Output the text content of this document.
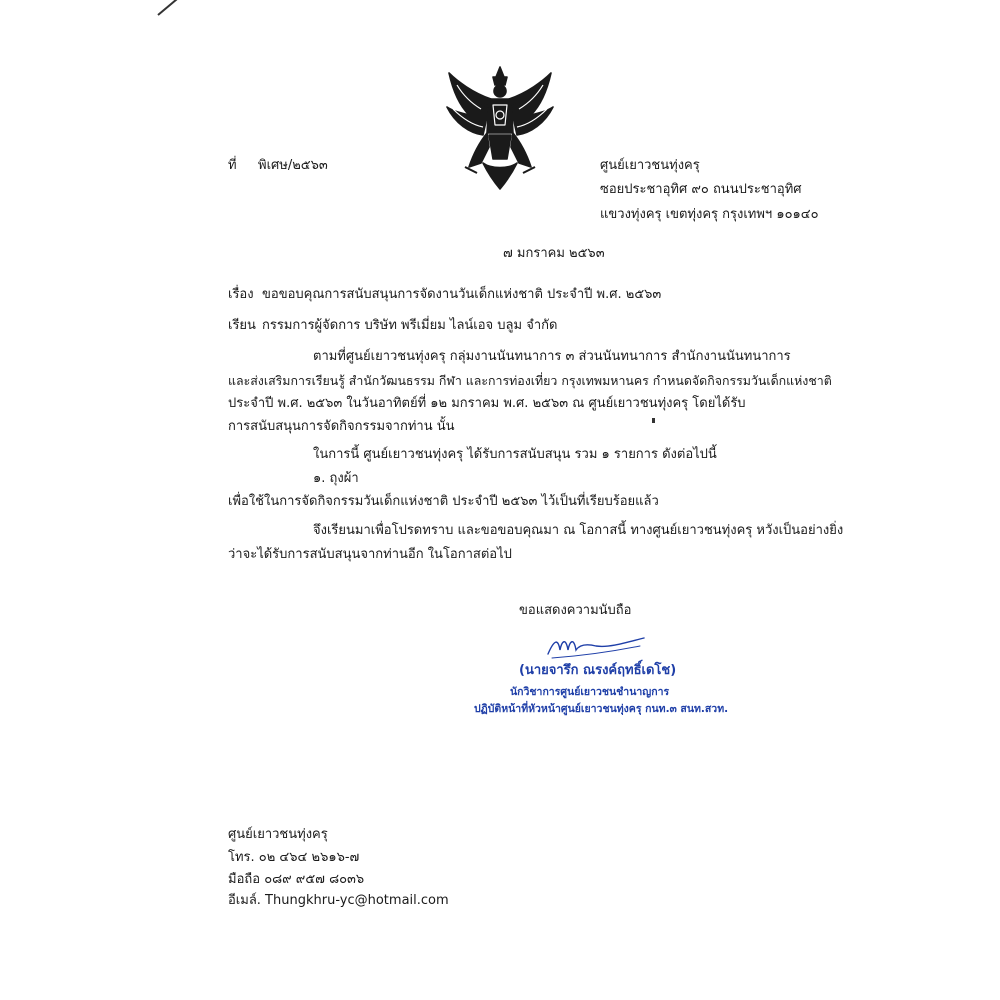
ที่ พิเศษ/๒๕๖๓	ศูนย์เยาวชนทุ่งครุ
ซอยประชาอุทิศ ๙๐ ถนนประชาอุทิศ
แขวงทุ่งครุ เขตทุ่งครุ กรุงเทพฯ ๑๐๑๔๐
๗ มกราคม ๒๕๖๓
เรื่อง ขอขอบคุณการสนับสนุนการจัดงานวันเด็กแห่งชาติ ประจำปี พ.ศ. ๒๕๖๓
เรียน กรรมการผู้จัดการ บริษัท พรีเมี่ยม ไลน์เอจ บลูม จำกัด
ตามที่ศูนย์เยาวชนทุ่งครุ กลุ่มงานนันทนาการ ๓ ส่วนนันทนาการ สำนักงานนันทนาการ
และส่งเสริมการเรียนรู้ สำนักวัฒนธรรม กีฬา และการท่องเที่ยว กรุงเทพมหานคร กำหนดจัดกิจกรรมวันเด็กแห่งชาติ
ประจำปี พ.ศ. ๒๕๖๓ ในวันอาทิตย์ที่ ๑๒ มกราคม พ.ศ. ๒๕๖๓ ณ ศูนย์เยาวชนทุ่งครุ โดยได้รับ
การสนับสนุนการจัดกิจกรรมจากท่าน นั้น
ในการนี้ ศูนย์เยาวชนทุ่งครุ ได้รับการสนับสนุน รวม ๑ รายการ ดังต่อไปนี้
๑. ถุงผ้า
เพื่อใช้ในการจัดกิจกรรมวันเด็กแห่งชาติ ประจำปี ๒๕๖๓ ไว้เป็นที่เรียบร้อยแล้ว
จึงเรียนมาเพื่อโปรดทราบ และขอขอบคุณมา ณ โอกาสนี้ ทางศูนย์เยาวชนทุ่งครุ หวังเป็นอย่างยิ่ง
ว่าจะได้รับการสนับสนุนจากท่านอีก ในโอกาสต่อไป
ขอแสดงความนับถือ
(นายจารึก ณรงค์ฤทธิ์เดโช)
นักวิชาการศูนย์เยาวชนชำนาญการ
ปฏิบัติหน้าที่หัวหน้าศูนย์เยาวชนทุ่งครุ กนท.๓ สนท.สวท.
ศูนย์เยาวชนทุ่งครุ
โทร. ๐๒ ๔๖๔ ๒๖๑๖-๗
มือถือ ๐๘๙ ๙๕๗ ๘๐๓๖
อีเมล์. Thungkhru-yc@hotmail.com
